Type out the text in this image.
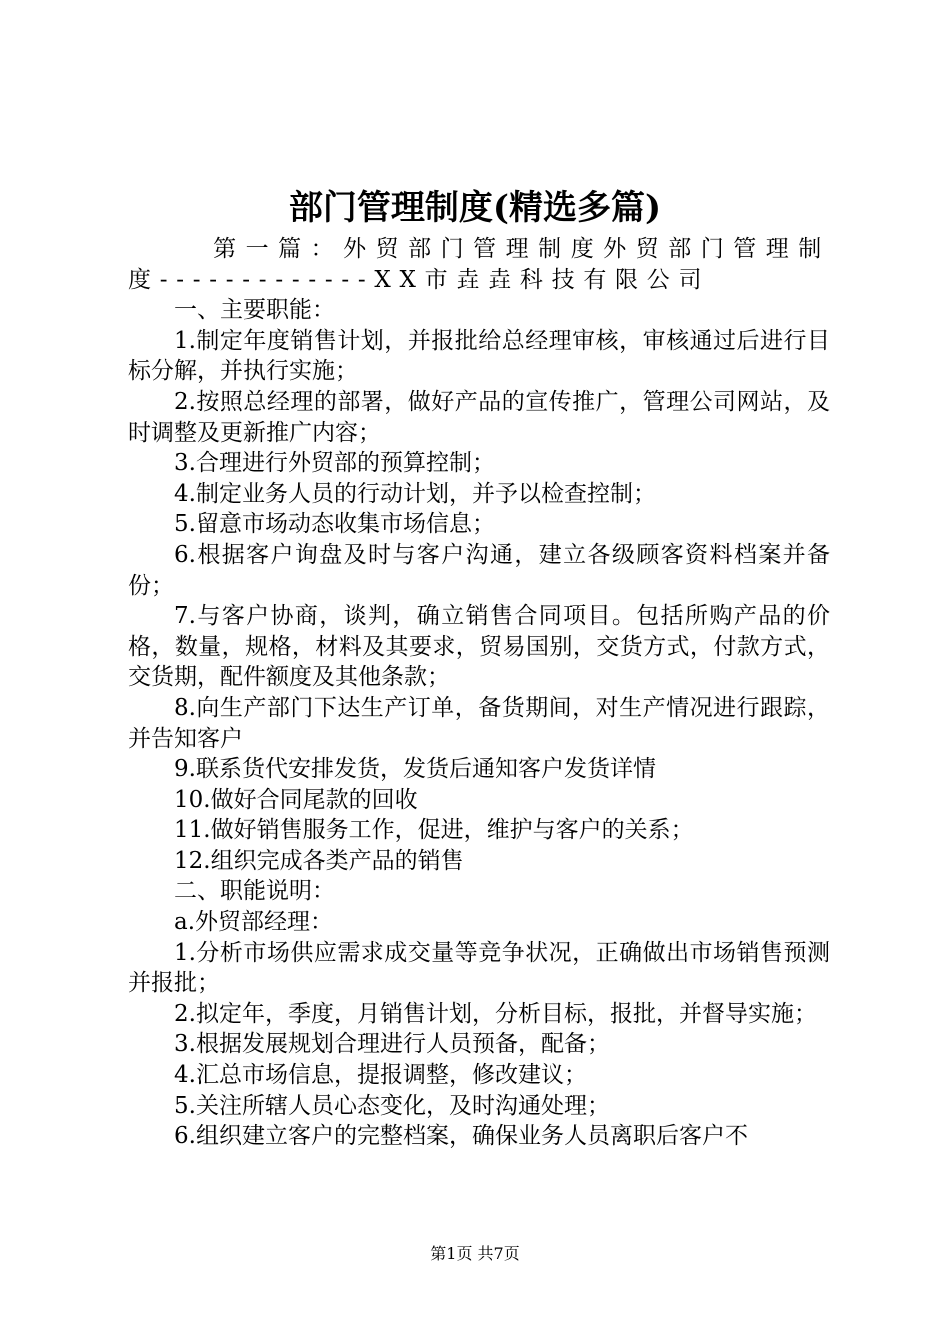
部门管理制度(精选多篇)

第一篇：外贸部门管理制度外贸部门管理制度-------------XX市垚垚科技有限公司

一、主要职能：

1.制定年度销售计划，并报批给总经理审核，审核通过后进行目标分解，并执行实施；

2.按照总经理的部署，做好产品的宣传推广，管理公司网站，及时调整及更新推广内容；

3.合理进行外贸部的预算控制；

4.制定业务人员的行动计划，并予以检查控制；

5.留意市场动态收集市场信息；

6.根据客户询盘及时与客户沟通，建立各级顾客资料档案并备份；

7.与客户协商，谈判，确立销售合同项目。包括所购产品的价格，数量，规格，材料及其要求，贸易国别，交货方式，付款方式，交货期，配件额度及其他条款；

8.向生产部门下达生产订单，备货期间，对生产情况进行跟踪，并告知客户

9.联系货代安排发货，发货后通知客户发货详情

10.做好合同尾款的回收

11.做好销售服务工作，促进，维护与客户的关系；

12.组织完成各类产品的销售

二、职能说明：

a.外贸部经理：

1.分析市场供应需求成交量等竞争状况，正确做出市场销售预测并报批；

2.拟定年，季度，月销售计划，分析目标，报批，并督导实施；

3.根据发展规划合理进行人员预备，配备；

4.汇总市场信息，提报调整，修改建议；

5.关注所辖人员心态变化，及时沟通处理；

6.组织建立客户的完整档案，确保业务人员离职后客户不

第1页 共7页
